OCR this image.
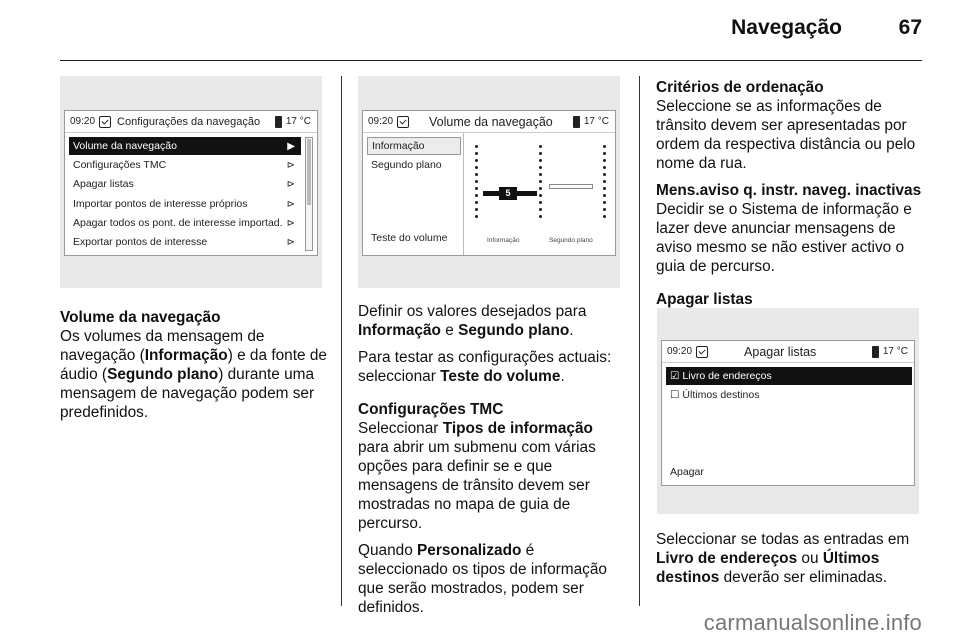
Navegação	67
09:20 Configurações da navegação	17 °C
Volume da navegação	▶
Configurações TMC	⊳
Apagar listas	⊳
Importar pontos de interesse próprios	⊳
Apagar todos os pont. de interesse importad. ⊳
Exportar pontos de interesse	⊳
09:20	Volume da navegação	17 °C
Informação
Segundo plano
Teste do volume
5
Informação	Segundo plano
09:20	Apagar listas	17 °C
☑ Livro de endereços
☐ Últimos destinos
Apagar

Volume da navegação
Os volumes da mensagem de navegação (Informação) e da fonte de áudio (Segundo plano) durante uma mensagem de navegação podem ser predefinidos.

Definir os valores desejados para Informação e Segundo plano.

Para testar as configurações actuais: seleccionar Teste do volume.

Configurações TMC
Seleccionar Tipos de informação para abrir um submenu com várias opções para definir se e que mensagens de trânsito devem ser mostradas no mapa de guia de percurso.

Quando Personalizado é seleccionado os tipos de informação que serão mostrados, podem ser definidos.

Critérios de ordenação
Seleccione se as informações de trânsito devem ser apresentadas por ordem da respectiva distância ou pelo nome da rua.

Mens.aviso q. instr. naveg. inactivas
Decidir se o Sistema de informação e lazer deve anunciar mensagens de aviso mesmo se não estiver activo o guia de percurso.

Apagar listas

Seleccionar se todas as entradas em Livro de endereços ou Últimos destinos deverão ser eliminadas.

carmanualsonline.info
